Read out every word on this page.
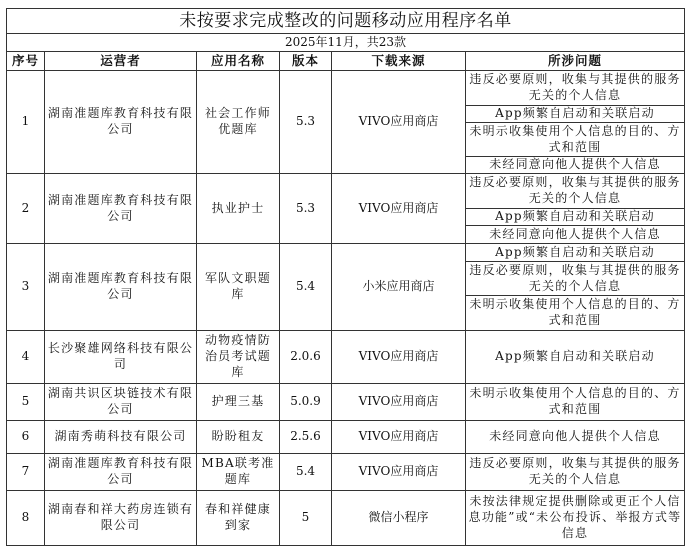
未按要求完成整改的问题移动应用程序名单					
2025年11月，共23款					
序号	运营者	应用名称	版本	下载来源	所涉问题
1	湖南准题库教育科技有限公司	社会工作师优题库	5.3	VIVO应用商店	违反必要原则，收集与其提供的服务无关的个人信息
					App频繁自启动和关联启动
					未明示收集使用个人信息的目的、方式和范围
					未经同意向他人提供个人信息
2	湖南准题库教育科技有限公司	执业护士	5.3	VIVO应用商店	违反必要原则，收集与其提供的服务无关的个人信息
					App频繁自启动和关联启动
					未经同意向他人提供个人信息
3	湖南准题库教育科技有限公司	军队文职题库	5.4	小米应用商店	App频繁自启动和关联启动
					违反必要原则，收集与其提供的服务无关的个人信息
					未明示收集使用个人信息的目的、方式和范围
4	长沙聚雄网络科技有限公司	动物疫情防治员考试题库	2.0.6	VIVO应用商店	App频繁自启动和关联启动
5	湖南共识区块链技术有限公司	护理三基	5.0.9	VIVO应用商店	未明示收集使用个人信息的目的、方式和范围
6	湖南秀萌科技有限公司	盼盼租友	2.5.6	VIVO应用商店	未经同意向他人提供个人信息
7	湖南准题库教育科技有限公司	MBA联考准题库	5.4	VIVO应用商店	违反必要原则，收集与其提供的服务无关的个人信息
8	湖南春和祥大药房连锁有限公司	春和祥健康到家	5	微信小程序	未按法律规定提供删除或更正个人信息功能”或“未公布投诉、举报方式等信息
